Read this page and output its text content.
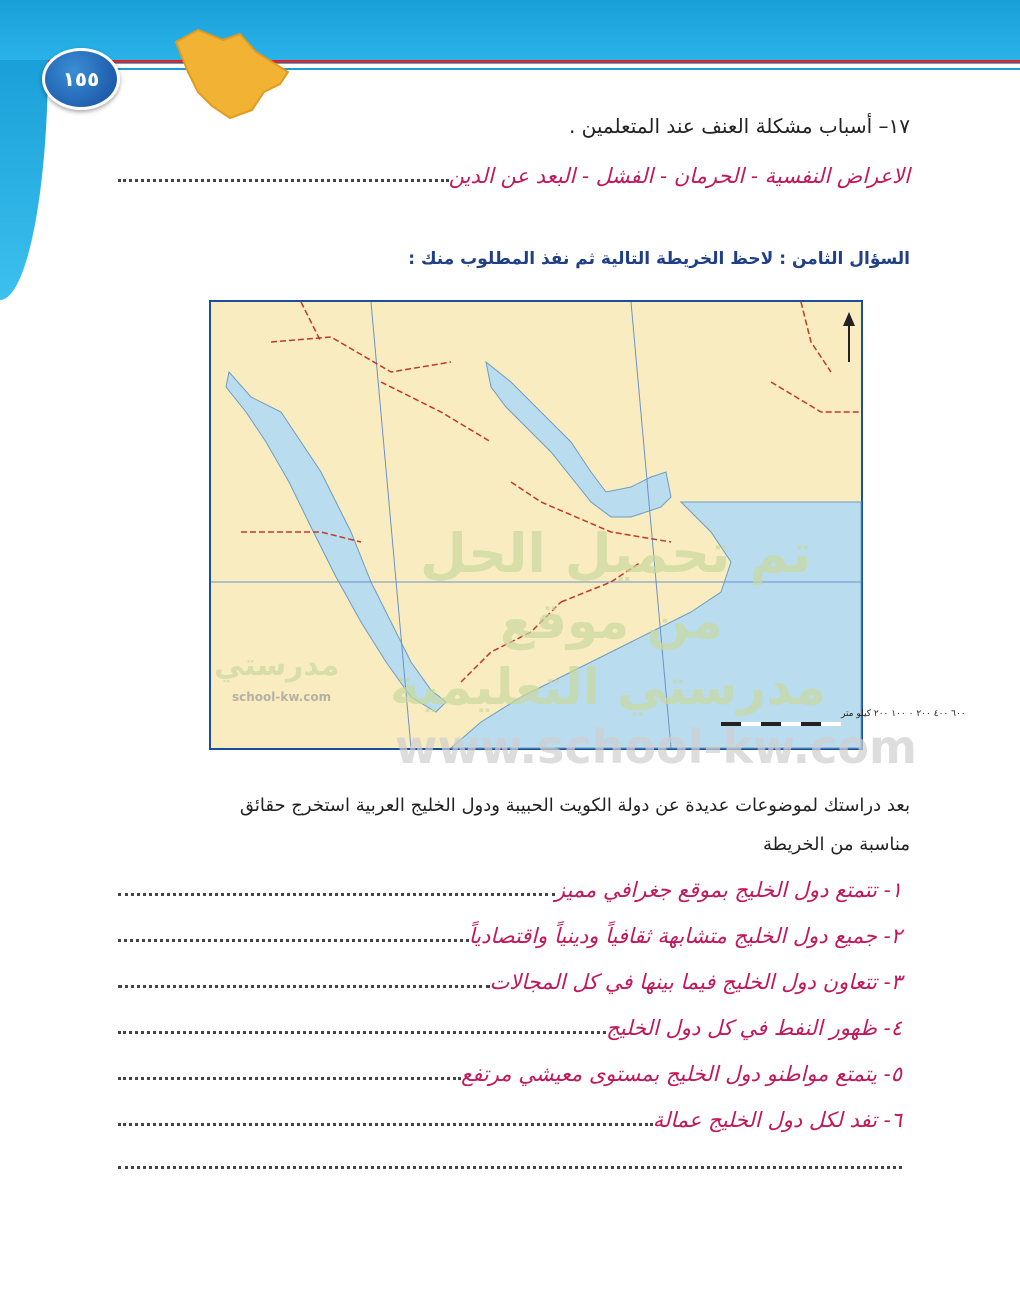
١٥٥
١٧– أسباب مشكلة العنف عند المتعلمين .
الاعراض النفسية - الحرمان - الفشل - البعد عن الدين
السؤال الثامن : لاحظ الخريطة التالية ثم نفذ المطلوب منك :
٦٠٠ ٤٠٠ ٢٠٠ ٠ ١٠٠ ٢٠٠ كيلو متر
تم تحميل الحل
من موقع
مدرستي التعليمية
مدرستي
school-kw.com
www.school-kw.com
بعد دراستك لموضوعات عديدة عن دولة الكويت الحبيبة ودول الخليج العربية استخرج حقائق
مناسبة من الخريطة
١- تتمتع دول الخليج بموقع جغرافي مميز
٢- جميع دول الخليج متشابهة ثقافياً ودينياً واقتصادياً
٣- تتعاون دول الخليج فيما بينها في كل المجالات
٤- ظهور النفط في كل دول الخليج
٥- يتمتع مواطنو دول الخليج بمستوى معيشي مرتفع
٦- تفد لكل دول الخليج عمالة
